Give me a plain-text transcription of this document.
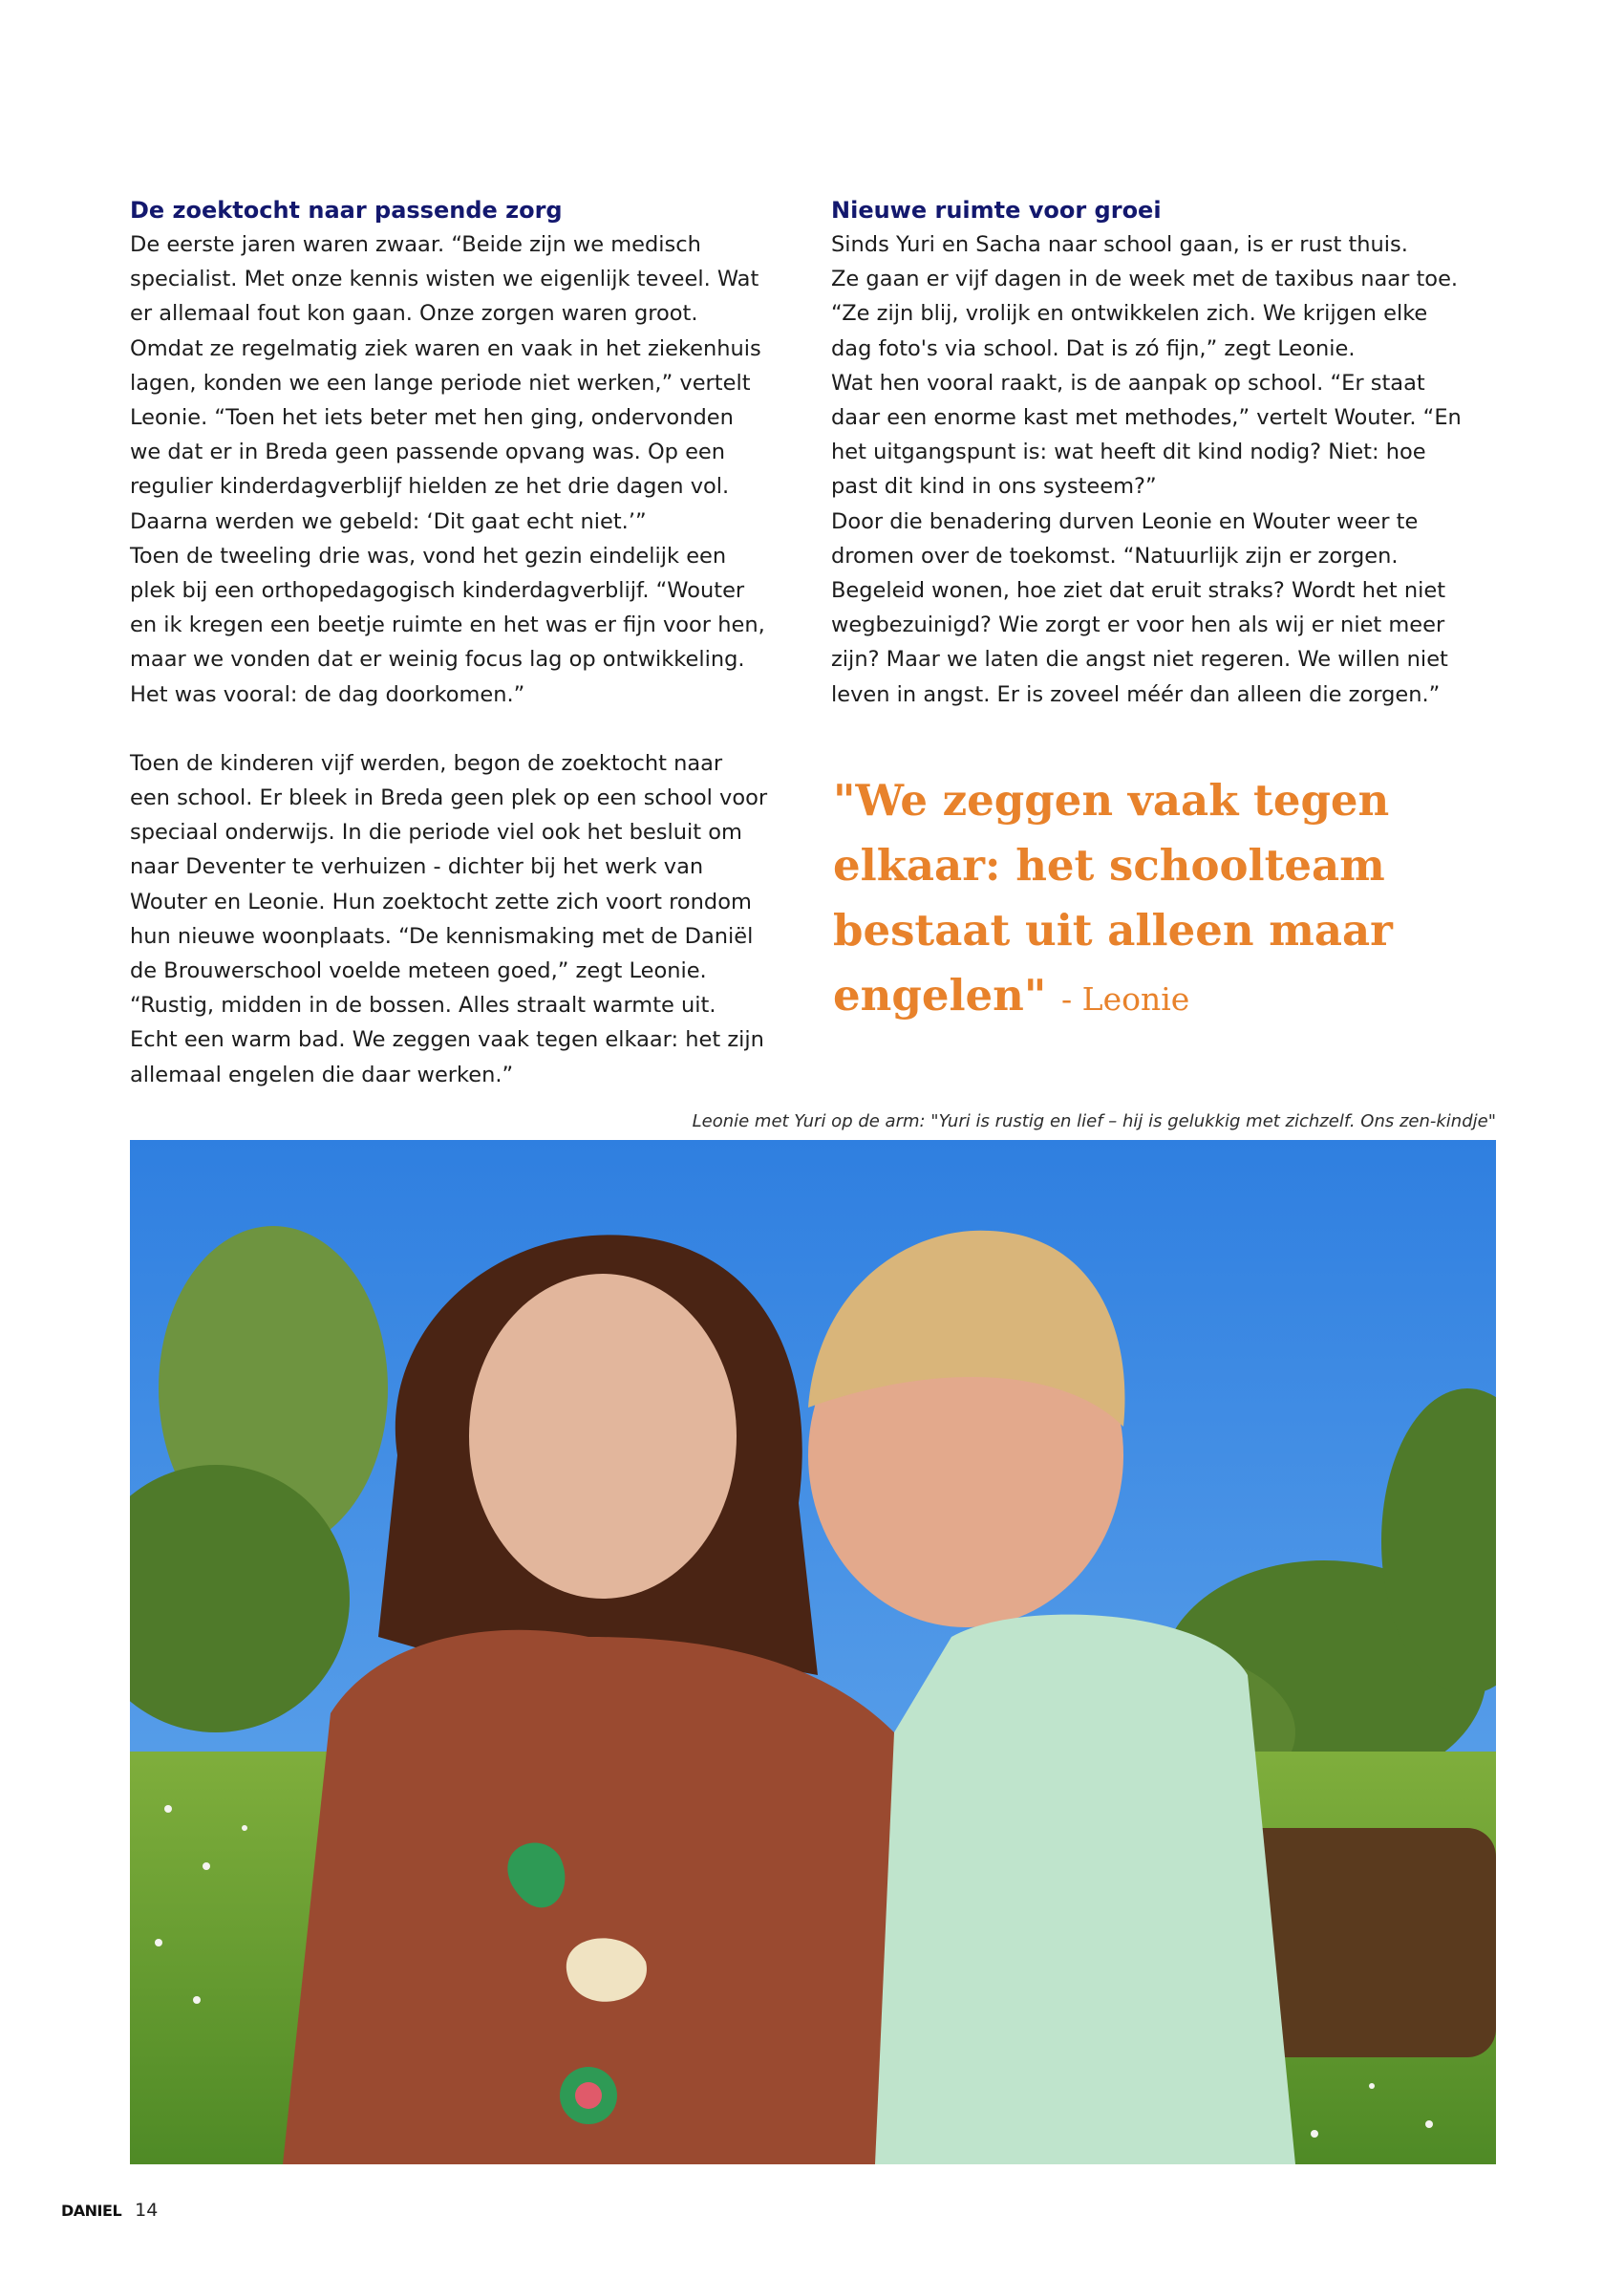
De zoektocht naar passende zorg

De eerste jaren waren zwaar. “Beide zijn we medisch specialist. Met onze kennis wisten we eigenlijk teveel. Wat er allemaal fout kon gaan. Onze zorgen waren groot. Omdat ze regelmatig ziek waren en vaak in het ziekenhuis lagen, konden we een lange periode niet werken,” vertelt Leonie. “Toen het iets beter met hen ging, ondervonden we dat er in Breda geen passende opvang was. Op een regulier kinderdagverblijf hielden ze het drie dagen vol. Daarna werden we gebeld: ‘Dit gaat echt niet.’”

Toen de tweeling drie was, vond het gezin eindelijk een plek bij een orthopedagogisch kinderdagverblijf. “Wouter en ik kregen een beetje ruimte en het was er fijn voor hen, maar we vonden dat er weinig focus lag op ontwikkeling. Het was vooral: de dag doorkomen.”

Toen de kinderen vijf werden, begon de zoektocht naar een school. Er bleek in Breda geen plek op een school voor speciaal onderwijs. In die periode viel ook het besluit om naar Deventer te verhuizen - dichter bij het werk van Wouter en Leonie. Hun zoektocht zette zich voort rondom hun nieuwe woonplaats. “De kennismaking met de Daniël de Brouwerschool voelde meteen goed,” zegt Leonie. “Rustig, midden in de bossen. Alles straalt warmte uit. Echt een warm bad. We zeggen vaak tegen elkaar: het zijn allemaal engelen die daar werken.”

Nieuwe ruimte voor groei

Sinds Yuri en Sacha naar school gaan, is er rust thuis.

Ze gaan er vijf dagen in de week met de taxibus naar toe. “Ze zijn blij, vrolijk en ontwikkelen zich. We krijgen elke dag foto's via school. Dat is zó fijn,” zegt Leonie.

Wat hen vooral raakt, is de aanpak op school. “Er staat daar een enorme kast met methodes,” vertelt Wouter. “En het uitgangspunt is: wat heeft dit kind nodig? Niet: hoe past dit kind in ons systeem?”

Door die benadering durven Leonie en Wouter weer te dromen over de toekomst. “Natuurlijk zijn er zorgen. Begeleid wonen, hoe ziet dat eruit straks? Wordt het niet wegbezuinigd? Wie zorgt er voor hen als wij er niet meer zijn? Maar we laten die angst niet regeren. We willen niet leven in angst. Er is zoveel méér dan alleen die zorgen.”

"We zeggen vaak tegen elkaar: het schoolteam bestaat uit alleen maar engelen" - Leonie
Leonie met Yuri op de arm: "Yuri is rustig en lief – hij is gelukkig met zichzelf. Ons zen-kindje"
DANIEL 14
